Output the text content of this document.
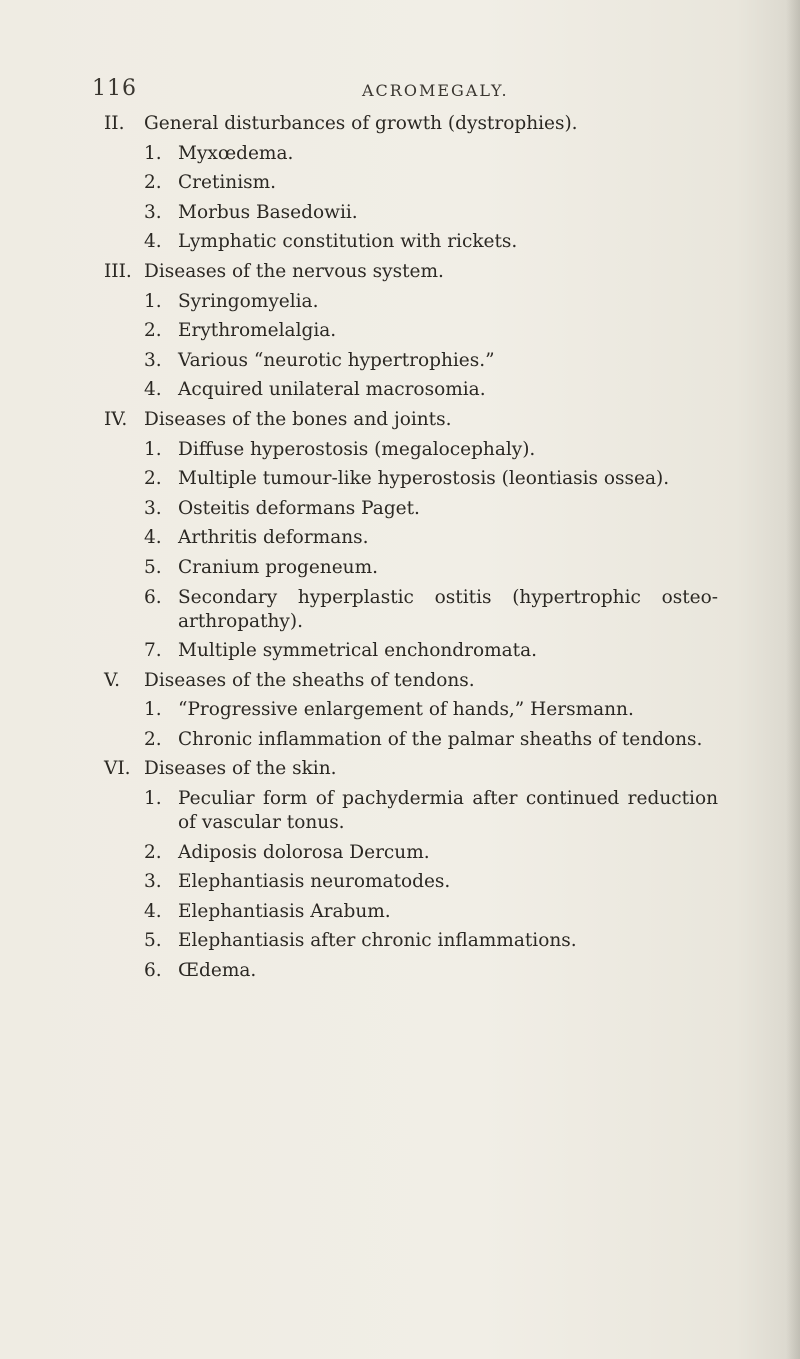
116	ACROMEGALY.
II.	General disturbances of growth (dystrophies).
1. Myxœdema.
2. Cretinism.
3. Morbus Basedowii.
4. Lymphatic constitution with rickets.
III. Diseases of the nervous system.
1. Syringomyelia.
2. Erythromelalgia.
3. Various “neurotic hypertrophies.”
4. Acquired unilateral macrosomia.
IV. Diseases of the bones and joints.
1. Diffuse hyperostosis (megalocephaly).
2. Multiple tumour-like hyperostosis (leontiasis ossea).
3. Osteitis deformans Paget.
4. Arthritis deformans.
5. Cranium progeneum.
6. Secondary hyperplastic ostitis (hypertrophic osteo-arthropathy).
7. Multiple symmetrical enchondromata.
V.	Diseases of the sheaths of tendons.
1. “Progressive enlargement of hands,” Hersmann.
2. Chronic inflammation of the palmar sheaths of tendons.
VI. Diseases of the skin.
1. Peculiar form of pachydermia after continued reduction of vascular tonus.
2. Adiposis dolorosa Dercum.
3. Elephantiasis neuromatodes.
4. Elephantiasis Arabum.
5. Elephantiasis after chronic inflammations.
6. Œdema.
